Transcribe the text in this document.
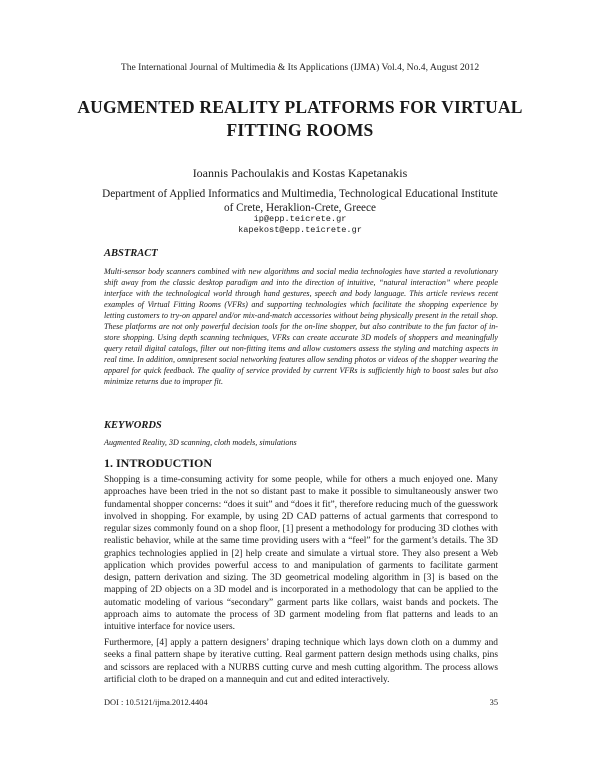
The International Journal of Multimedia & Its Applications (IJMA) Vol.4, No.4, August 2012
AUGMENTED REALITY PLATFORMS FOR VIRTUAL
FITTING ROOMS
Ioannis Pachoulakis and Kostas Kapetanakis
Department of Applied Informatics and Multimedia, Technological Educational Institute
of Crete, Heraklion-Crete, Greece
ip@epp.teicrete.gr
kapekost@epp.teicrete.gr
ABSTRACT
Multi-sensor body scanners combined with new algorithms and social media technologies have started a revolutionary shift away from the classic desktop paradigm and into the direction of intuitive, “natural interaction” where people interface with the technological world through hand gestures, speech and body language. This article reviews recent examples of Virtual Fitting Rooms (VFRs) and supporting technologies which facilitate the shopping experience by letting customers to try-on apparel and/or mix-and-match accessories without being physically present in the retail shop. These platforms are not only powerful decision tools for the on-line shopper, but also contribute to the fun factor of in-store shopping. Using depth scanning techniques, VFRs can create accurate 3D models of shoppers and meaningfully query retail digital catalogs, filter out non-fitting items and allow customers assess the styling and matching aspects in real time. In addition, omnipresent social networking features allow sending photos or videos of the shopper wearing the apparel for quick feedback. The quality of service provided by current VFRs is sufficiently high to boost sales but also minimize returns due to improper fit.
KEYWORDS
Augmented Reality, 3D scanning, cloth models, simulations
1. INTRODUCTION
Shopping is a time-consuming activity for some people, while for others a much enjoyed one. Many approaches have been tried in the not so distant past to make it possible to simultaneously answer two fundamental shopper concerns: “does it suit” and “does it fit”, therefore reducing much of the guesswork involved in shopping. For example, by using 2D CAD patterns of actual garments that correspond to regular sizes commonly found on a shop floor, [1] present a methodology for producing 3D clothes with realistic behavior, while at the same time providing users with a “feel” for the garment’s details. The 3D graphics technologies applied in [2] help create and simulate a virtual store. They also present a Web application which provides powerful access to and manipulation of garments to facilitate garment design, pattern derivation and sizing. The 3D geometrical modeling algorithm in [3] is based on the mapping of 2D objects on a 3D model and is incorporated in a methodology that can be applied to the automatic modeling of various “secondary” garment parts like collars, waist bands and pockets. The approach aims to automate the process of 3D garment modeling from flat patterns and leads to an intuitive interface for novice users.
Furthermore, [4] apply a pattern designers’ draping technique which lays down cloth on a dummy and seeks a final pattern shape by iterative cutting. Real garment pattern design methods using chalks, pins and scissors are replaced with a NURBS cutting curve and mesh cutting algorithm. The process allows artificial cloth to be draped on a mannequin and cut and edited interactively.
DOI : 10.5121/ijma.2012.4404	35
